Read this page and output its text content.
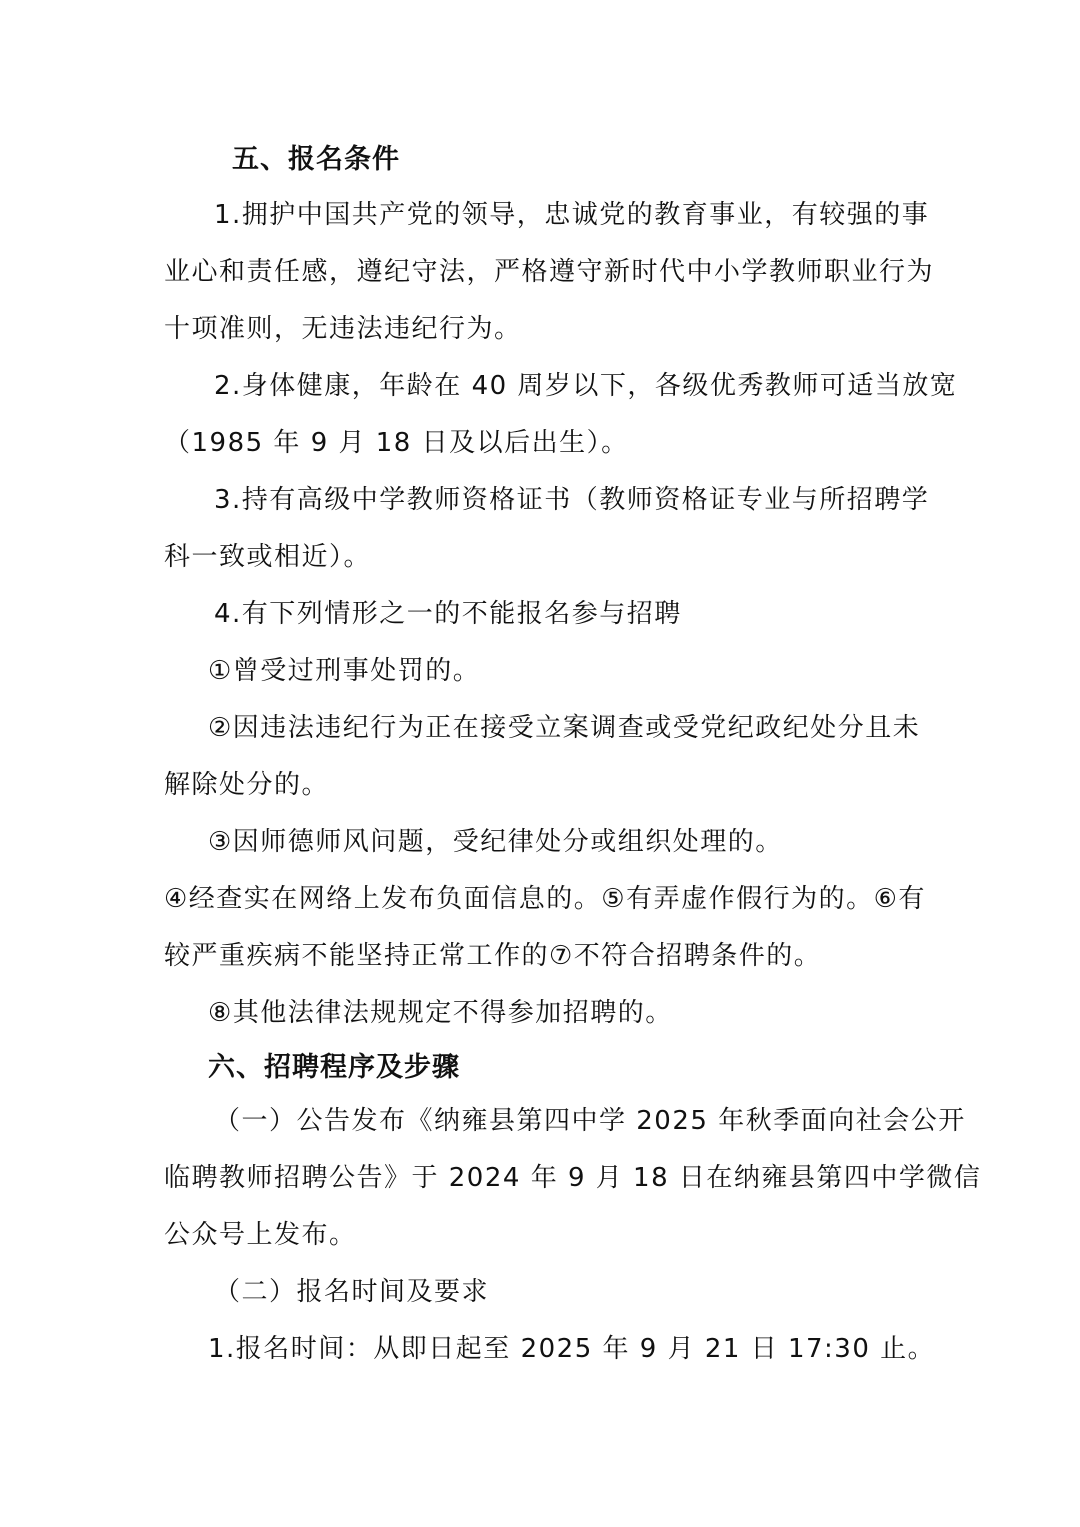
五、报名条件
1.拥护中国共产党的领导，忠诚党的教育事业，有较强的事
业心和责任感，遵纪守法，严格遵守新时代中小学教师职业行为
十项准则，无违法违纪行为。
2.身体健康，年龄在 40 周岁以下，各级优秀教师可适当放宽
（1985 年 9 月 18 日及以后出生）。
3.持有高级中学教师资格证书（教师资格证专业与所招聘学
科一致或相近）。
4.有下列情形之一的不能报名参与招聘
①曾受过刑事处罚的。
②因违法违纪行为正在接受立案调查或受党纪政纪处分且未
解除处分的。
③因师德师风问题，受纪律处分或组织处理的。
④经查实在网络上发布负面信息的。⑤有弄虚作假行为的。⑥有
较严重疾病不能坚持正常工作的⑦不符合招聘条件的。
⑧其他法律法规规定不得参加招聘的。
六、招聘程序及步骤
（一）公告发布《纳雍县第四中学 2025 年秋季面向社会公开
临聘教师招聘公告》于 2024 年 9 月 18 日在纳雍县第四中学微信
公众号上发布。
（二）报名时间及要求
1.报名时间：从即日起至 2025 年 9 月 21 日 17:30 止。
